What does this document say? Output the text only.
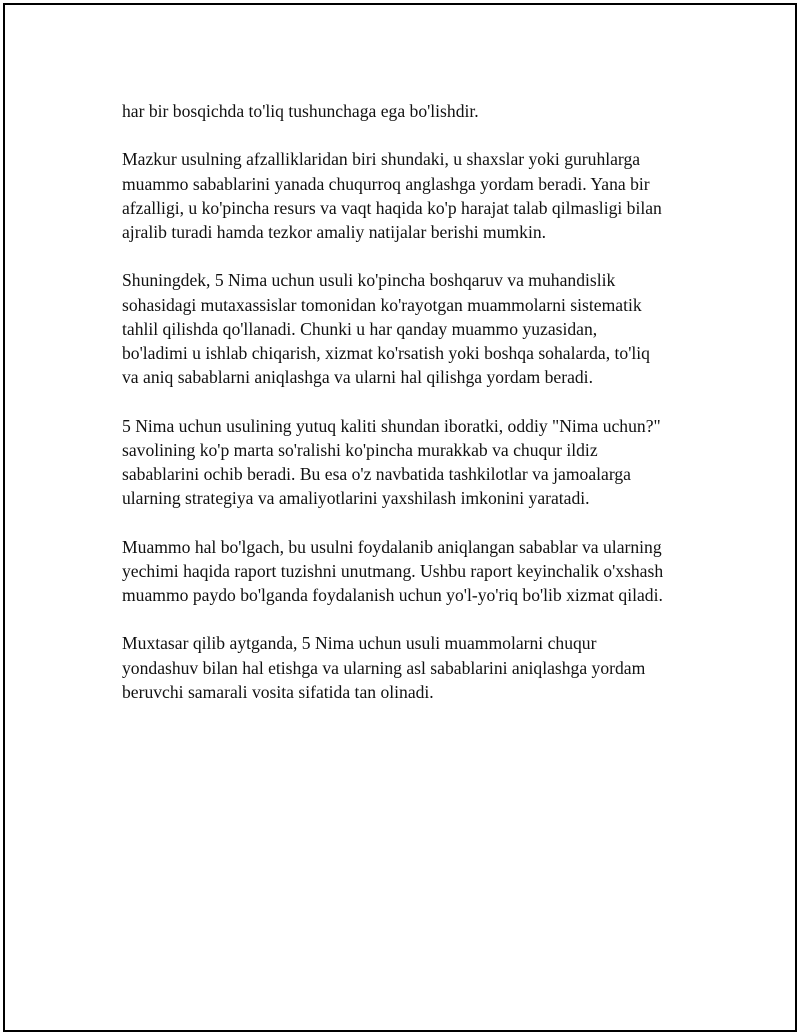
har bir bosqichda to'liq tushunchaga ega bo'lishdir.

Mazkur usulning afzalliklaridan biri shundaki, u shaxslar yoki guruhlarga
muammo sabablarini yanada chuqurroq anglashga yordam beradi. Yana bir
afzalligi, u ko'pincha resurs va vaqt haqida ko'p harajat talab qilmasligi bilan
ajralib turadi hamda tezkor amaliy natijalar berishi mumkin.

Shuningdek, 5 Nima uchun usuli ko'pincha boshqaruv va muhandislik
sohasidagi mutaxassislar tomonidan ko'rayotgan muammolarni sistematik
tahlil qilishda qo'llanadi. Chunki u har qanday muammo yuzasidan,
bo'ladimi u ishlab chiqarish, xizmat ko'rsatish yoki boshqa sohalarda, to'liq
va aniq sabablarni aniqlashga va ularni hal qilishga yordam beradi.

5 Nima uchun usulining yutuq kaliti shundan iboratki, oddiy "Nima uchun?"
savolining ko'p marta so'ralishi ko'pincha murakkab va chuqur ildiz
sabablarini ochib beradi. Bu esa o'z navbatida tashkilotlar va jamoalarga
ularning strategiya va amaliyotlarini yaxshilash imkonini yaratadi.

Muammo hal bo'lgach, bu usulni foydalanib aniqlangan sabablar va ularning
yechimi haqida raport tuzishni unutmang. Ushbu raport keyinchalik o'xshash
muammo paydo bo'lganda foydalanish uchun yo'l-yo'riq bo'lib xizmat qiladi.

Muxtasar qilib aytganda, 5 Nima uchun usuli muammolarni chuqur
yondashuv bilan hal etishga va ularning asl sabablarini aniqlashga yordam
beruvchi samarali vosita sifatida tan olinadi.
